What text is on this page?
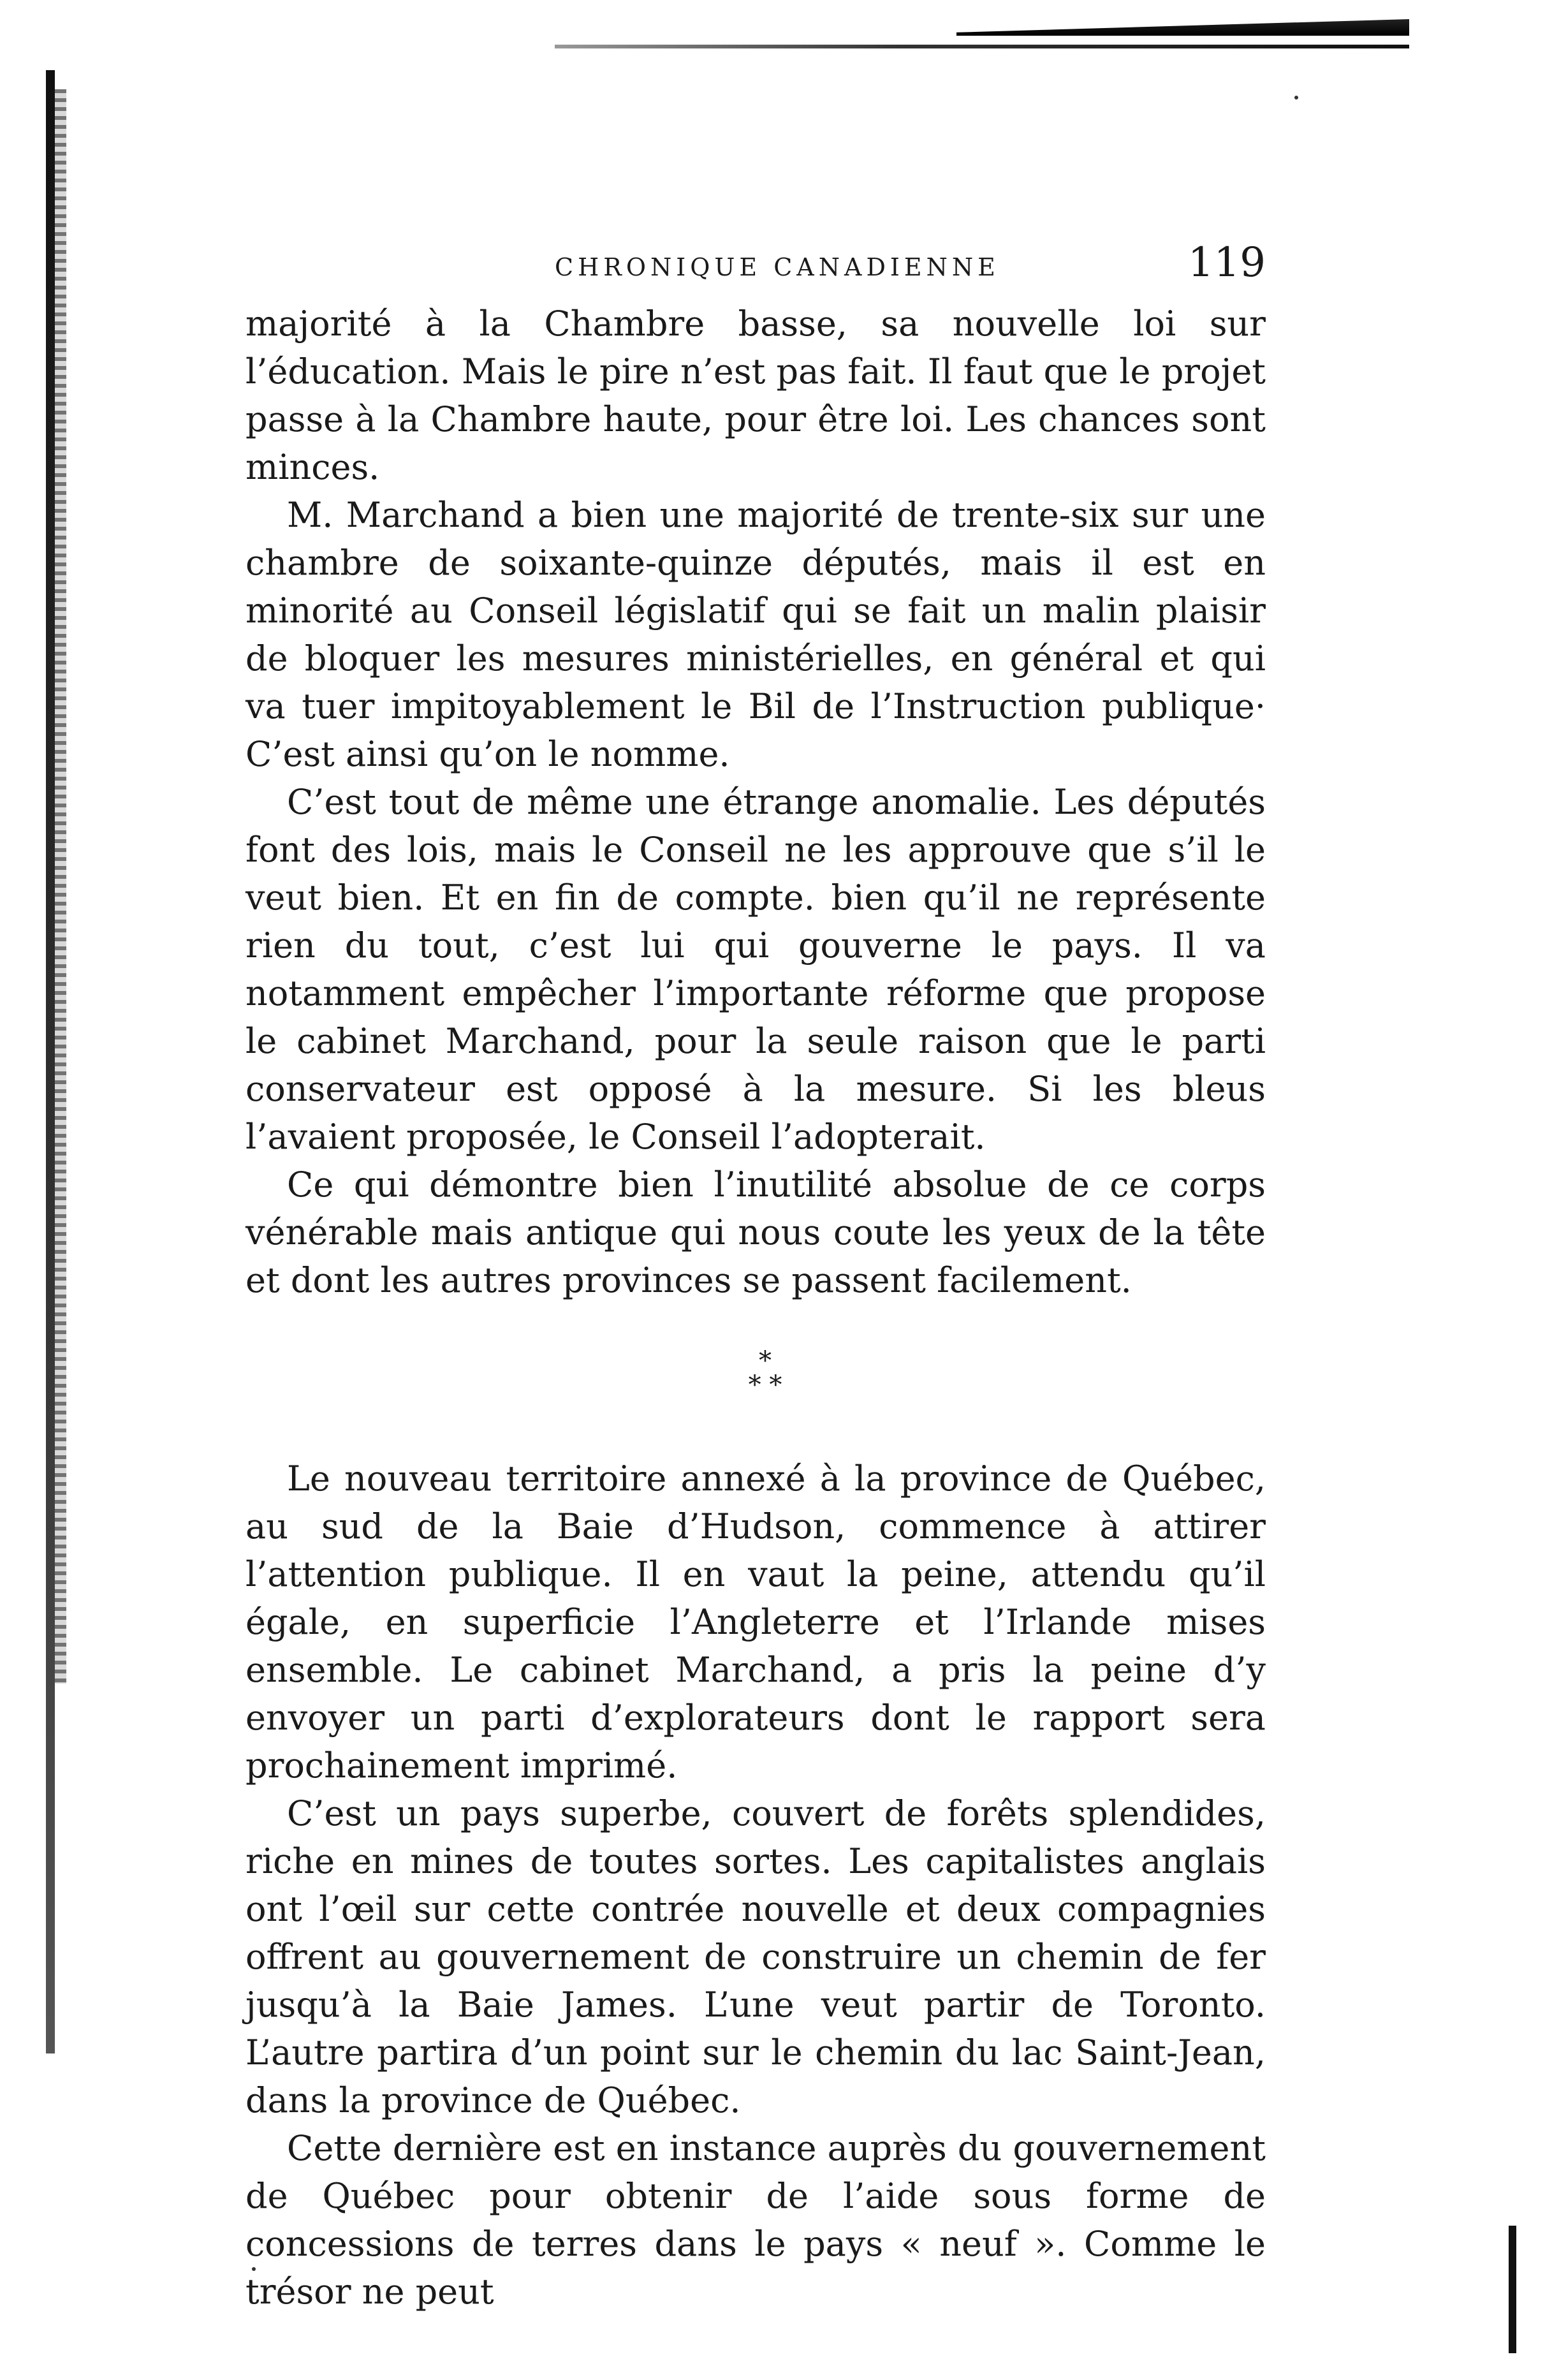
CHRONIQUE CANADIENNE	119

majorité à la Chambre basse, sa nouvelle loi sur l’éducation. Mais le pire n’est pas fait. Il faut que le projet passe à la Chambre haute, pour être loi. Les chances sont minces.

M. Marchand a bien une majorité de trente-six sur une chambre de soixante-quinze députés, mais il est en minorité au Conseil législatif qui se fait un malin plaisir de bloquer les mesures ministérielles, en général et qui va tuer impitoyablement le Bil de l’Instruction publique· C’est ainsi qu’on le nomme.

C’est tout de même une étrange anomalie. Les députés font des lois, mais le Conseil ne les approuve que s’il le veut bien. Et en fin de compte. bien qu’il ne représente rien du tout, c’est lui qui gouverne le pays. Il va notamment empêcher l’importante réforme que propose le cabinet Marchand, pour la seule raison que le parti conservateur est opposé à la mesure. Si les bleus l’avaient proposée, le Conseil l’adopterait.

Ce qui démontre bien l’inutilité absolue de ce corps vénérable mais antique qui nous coute les yeux de la tête et dont les autres provinces se passent facilement.

*
* *

Le nouveau territoire annexé à la province de Québec, au sud de la Baie d’Hudson, commence à attirer l’attention publique. Il en vaut la peine, attendu qu’il égale, en superficie l’Angleterre et l’Irlande mises ensemble. Le cabinet Marchand, a pris la peine d’y envoyer un parti d’explorateurs dont le rapport sera prochainement imprimé.

C’est un pays superbe, couvert de forêts splendides, riche en mines de toutes sortes. Les capitalistes anglais ont l’œil sur cette contrée nouvelle et deux compagnies offrent au gouvernement de construire un chemin de fer jusqu’à la Baie James. L’une veut partir de Toronto. L’autre partira d’un point sur le chemin du lac Saint-Jean, dans la province de Québec.

Cette dernière est en instance auprès du gouvernement de Québec pour obtenir de l’aide sous forme de concessions de terres dans le pays « neuf ». Comme le trésor ne peut
